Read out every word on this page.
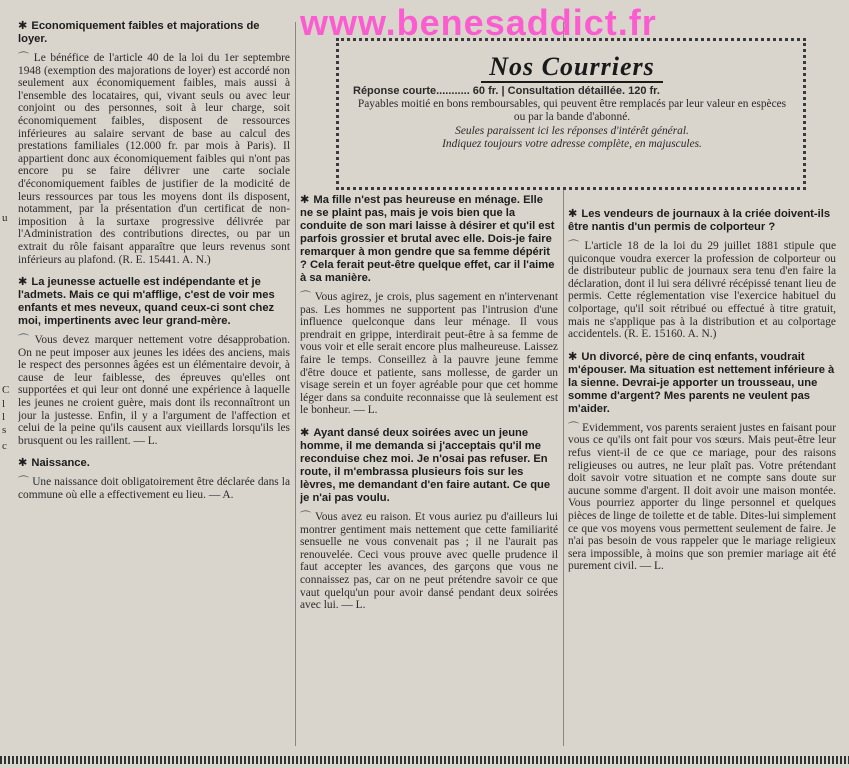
u
C
l
l
s
c
✱ Economiquement faibles et majorations de loyer.

⌒ Le bénéfice de l'article 40 de la loi du 1er septembre 1948 (exemption des majorations de loyer) est accordé non seulement aux économiquement faibles, mais aussi à l'ensemble des locataires, qui, vivant seuls ou avec leur conjoint ou des personnes, soit à leur charge, soit économiquement faibles, disposent de ressources inférieures au salaire servant de base au calcul des prestations familiales (12.000 fr. par mois à Paris). Il appartient donc aux économiquement faibles qui n'ont pas encore pu se faire délivrer une carte sociale d'économiquement faibles de justifier de la modicité de leurs ressources par tous les moyens dont ils disposent, notamment, par la présentation d'un certificat de non-imposition à la surtaxe progressive délivrée par l'Administration des contributions directes, ou par un extrait du rôle faisant apparaître que leurs revenus sont inférieurs au plafond. (R. E. 15441. A. N.)

✱ La jeunesse actuelle est indépendante et je l'admets. Mais ce qui m'afflige, c'est de voir mes enfants et mes neveux, quand ceux-ci sont chez moi, impertinents avec leur grand-mère.

⌒ Vous devez marquer nettement votre désapprobation. On ne peut imposer aux jeunes les idées des anciens, mais le respect des personnes âgées est un élémentaire devoir, à cause de leur faiblesse, des épreuves qu'elles ont supportées et qui leur ont donné une expérience à laquelle les jeunes ne croient guère, mais dont ils reconnaîtront un jour la justesse. Enfin, il y a l'argument de l'affection et celui de la peine qu'ils causent aux vieillards lorsqu'ils les brusquent ou les raillent. — L.

✱ Naissance.

⌒ Une naissance doit obligatoirement être déclarée dans la commune où elle a effectivement eu lieu. — A.

Nos Courriers

Réponse courte........... 60 fr. | Consultation détaillée. 120 fr.

Payables moitié en bons remboursables, qui peuvent être remplacés par leur valeur en espèces ou par la bande d'abonné.

Seules paraissent ici les réponses d'intérêt général.

Indiquez toujours votre adresse complète, en majuscules.

✱ Ma fille n'est pas heureuse en ménage. Elle ne se plaint pas, mais je vois bien que la conduite de son mari laisse à désirer et qu'il est parfois grossier et brutal avec elle. Dois-je faire remarquer à mon gendre que sa femme dépérit ? Cela ferait peut-être quelque effet, car il l'aime à sa manière.

⌒ Vous agirez, je crois, plus sagement en n'intervenant pas. Les hommes ne supportent pas l'intrusion d'une influence quelconque dans leur ménage. Il vous prendrait en grippe, interdirait peut-être à sa femme de vous voir et elle serait encore plus malheureuse. Laissez faire le temps. Conseillez à la pauvre jeune femme d'être douce et patiente, sans mollesse, de garder un visage serein et un foyer agréable pour que cet homme léger dans sa conduite reconnaisse que là seulement est le bonheur. — L.

✱ Ayant dansé deux soirées avec un jeune homme, il me demanda si j'acceptais qu'il me reconduise chez moi. Je n'osai pas refuser. En route, il m'embrassa plusieurs fois sur les lèvres, me demandant d'en faire autant. Ce que je n'ai pas voulu.

⌒ Vous avez eu raison. Et vous auriez pu d'ailleurs lui montrer gentiment mais nettement que cette familiarité sensuelle ne vous convenait pas ; il ne l'aurait pas renouvelée. Ceci vous prouve avec quelle prudence il faut accepter les avances, des garçons que vous ne connaissez pas, car on ne peut prétendre savoir ce que vaut quelqu'un pour avoir dansé pendant deux soirées avec lui. — L.

✱ Les vendeurs de journaux à la criée doivent-ils être nantis d'un permis de colporteur ?

⌒ L'article 18 de la loi du 29 juillet 1881 stipule que quiconque voudra exercer la profession de colporteur ou de distributeur public de journaux sera tenu d'en faire la déclaration, dont il lui sera délivré récépissé tenant lieu de permis. Cette réglementation vise l'exercice habituel du colportage, qu'il soit rétribué ou effectué à titre gratuit, mais ne s'applique pas à la distribution et au colportage accidentels. (R. E. 15160. A. N.)

✱ Un divorcé, père de cinq enfants, voudrait m'épouser. Ma situation est nettement inférieure à la sienne. Devrai-je apporter un trousseau, une somme d'argent? Mes parents ne veulent pas m'aider.

⌒ Evidemment, vos parents seraient justes en faisant pour vous ce qu'ils ont fait pour vos sœurs. Mais peut-être leur refus vient-il de ce que ce mariage, pour des raisons religieuses ou autres, ne leur plaît pas. Votre prétendant doit savoir votre situation et ne compte sans doute sur aucune somme d'argent. Il doit avoir une maison montée. Vous pourriez apporter du linge personnel et quelques pièces de linge de toilette et de table. Dites-lui simplement ce que vos moyens vous permettent seulement de faire. Je n'ai pas besoin de vous rappeler que le mariage religieux sera impossible, à moins que son premier mariage ait été purement civil. — L.

www.benesaddict.fr
